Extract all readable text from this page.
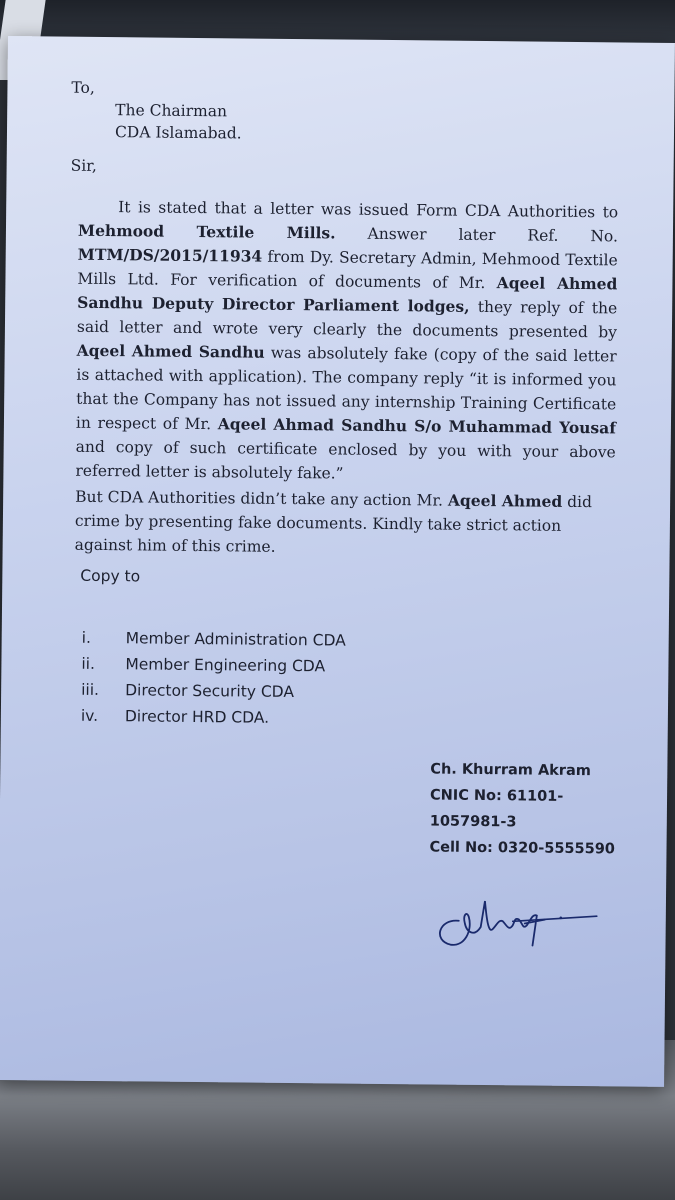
To,
The Chairman
CDA Islamabad.
Sir,

It is stated that a letter was issued Form CDA Authorities to Mehmood Textile Mills. Answer later Ref. No. MTM/DS/2015/11934 from Dy. Secretary Admin, Mehmood Textile Mills Ltd. For verification of documents of Mr. Aqeel Ahmed Sandhu Deputy Director Parliament lodges, they reply of the said letter and wrote very clearly the documents presented by Aqeel Ahmed Sandhu was absolutely fake (copy of the said letter is attached with application). The company reply “it is informed you that the Company has not issued any internship Training Certificate in respect of Mr. Aqeel Ahmad Sandhu S/o Muhammad Yousaf and copy of such certificate enclosed by you with your above referred letter is absolutely fake.”

But CDA Authorities didn’t take any action Mr. Aqeel Ahmed did crime by presenting fake documents. Kindly take strict action against him of this crime.

Copy to
i.	Member Administration CDA
ii.	Member Engineering CDA
iii.	Director Security CDA
iv.	Director HRD CDA.
Ch. Khurram Akram
CNIC No: 61101-
1057981-3
Cell No: 0320-5555590
